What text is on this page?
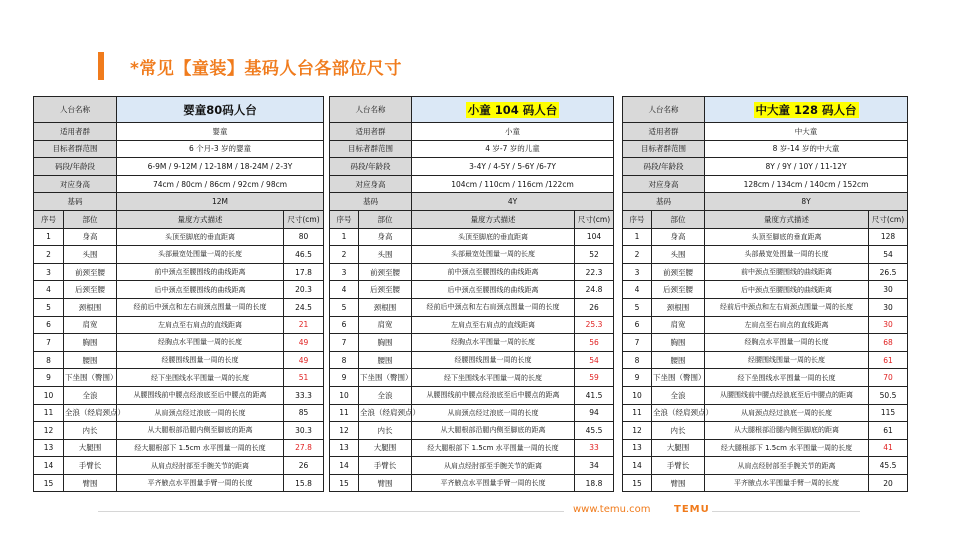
*常见【童装】基码人台各部位尺寸
人台名称		婴童80码人台	
适用者群		婴童	
目标者群范围		6 个月-3 岁的婴童	
码段/年龄段		6-9M / 9-12M / 12-18M / 18-24M / 2-3Y	
对应身高		74cm / 80cm / 86cm / 92cm / 98cm	
基码		12M	
序号	部位	量度方式描述	尺寸(cm)
1	身高	头顶至脚底的垂直距离	80
2	头围	头部最宽处围量一周的长度	46.5
3	前颈至腰	前中颈点至腰围线的曲线距离	17.8
4	后颈至腰	后中颈点至腰围线的曲线距离	20.3
5	颈根围	经前后中颈点和左右肩颈点围量一周的长度	24.5
6	肩宽	左肩点至右肩点的直线距离	21
7	胸围	经胸点水平围量一周的长度	49
8	腰围	经腰围线围量一周的长度	49
9	下坐围（臀围）	经下坐围线水平围量一周的长度	51
10	全浪	从腰围线前中腰点经浪底至后中腰点的距离	33.3
11	全浪（经肩颈点）	从肩颈点经过浪底一周的长度	85
12	内长	从大腿根部沿腿内侧至脚底的距离	30.3
13	大腿围	经大腿根部下 1.5cm 水平围量一周的长度	27.8
14	手臂长	从肩点经肘部至手腕关节的距离	26
15	臂围	平齐腋点水平围量手臂一周的长度	15.8
人台名称		小童 104 码人台	
适用者群		小童	
目标者群范围		4 岁-7 岁的儿童	
码段/年龄段		3-4Y / 4-5Y / 5-6Y /6-7Y	
对应身高		104cm / 110cm / 116cm /122cm	
基码		4Y	
序号	部位	量度方式描述	尺寸(cm)
1	身高	头顶至脚底的垂直距离	104
2	头围	头部最宽处围量一周的长度	52
3	前颈至腰	前中颈点至腰围线的曲线距离	22.3
4	后颈至腰	后中颈点至腰围线的曲线距离	24.8
5	颈根围	经前后中颈点和左右肩颈点围量一周的长度	26
6	肩宽	左肩点至右肩点的直线距离	25.3
7	胸围	经胸点水平围量一周的长度	56
8	腰围	经腰围线围量一周的长度	54
9	下坐围（臀围）	经下坐围线水平围量一周的长度	59
10	全浪	从腰围线前中腰点经浪底至后中腰点的距离	41.5
11	全浪（经肩颈点）	从肩颈点经过浪底一周的长度	94
12	内长	从大腿根部沿腿内侧至脚底的距离	45.5
13	大腿围	经大腿根部下 1.5cm 水平围量一周的长度	33
14	手臂长	从肩点经肘部至手腕关节的距离	34
15	臂围	平齐腋点水平围量手臂一周的长度	18.8
人台名称		中大童 128 码人台	
适用者群		中大童	
目标者群范围		8 岁-14 岁的中大童	
码段/年龄段		8Y / 9Y / 10Y / 11-12Y	
对应身高		128cm / 134cm / 140cm / 152cm	
基码		8Y	
序号	部位	量度方式描述	尺寸(cm)
1	身高	头顶至脚底的垂直距离	128
2	头围	头部最宽处围量一周的长度	54
3	前颈至腰	前中颈点至腰围线的曲线距离	26.5
4	后颈至腰	后中颈点至腰围线的曲线距离	30
5	颈根围	经前后中颈点和左右肩颈点围量一周的长度	30
6	肩宽	左肩点至右肩点的直线距离	30
7	胸围	经胸点水平围量一周的长度	68
8	腰围	经腰围线围量一周的长度	61
9	下坐围（臀围）	经下坐围线水平围量一周的长度	70
10	全浪	从腰围线前中腰点经浪底至后中腰点的距离	50.5
11	全浪（经肩颈点）	从肩颈点经过浪底一周的长度	115
12	内长	从大腿根部沿腿内侧至脚底的距离	61
13	大腿围	经大腿根部下 1.5cm 水平围量一周的长度	41
14	手臂长	从肩点经肘部至手腕关节的距离	45.5
15	臂围	平齐腋点水平围量手臂一周的长度	20
www.temu.com TEMU
